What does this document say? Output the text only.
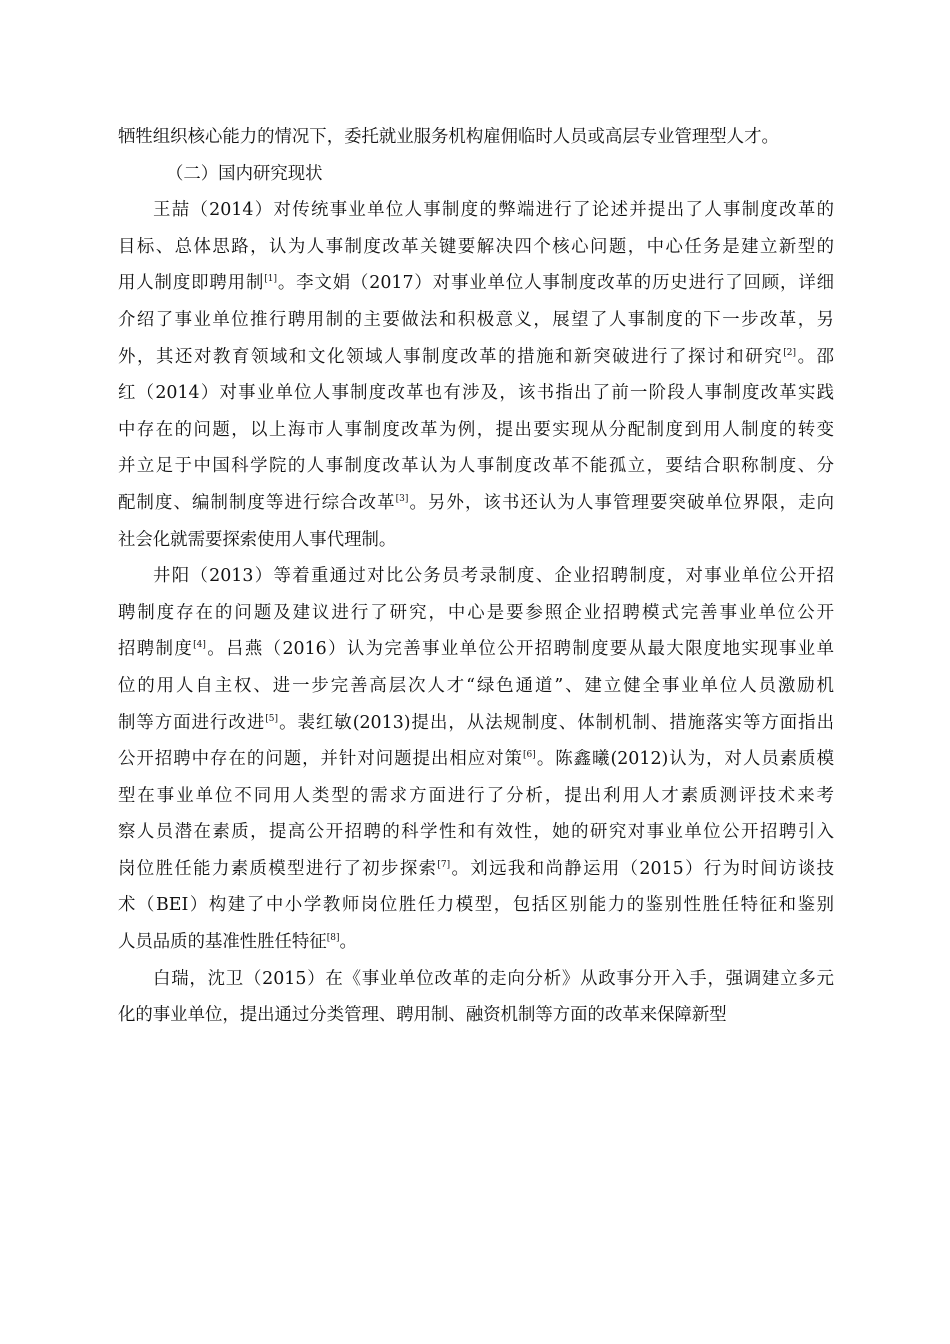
牺牲组织核心能力的情况下，委托就业服务机构雇佣临时人员或高层专业管理型人才。
（二）国内研究现状
王喆（2014）对传统事业单位人事制度的弊端进行了论述并提出了人事制度改革的
目标、总体思路，认为人事制度改革关键要解决四个核心问题，中心任务是建立新型的
用人制度即聘用制[1]。李文娟（2017）对事业单位人事制度改革的历史进行了回顾，详细
介绍了事业单位推行聘用制的主要做法和积极意义，展望了人事制度的下一步改革，另
外，其还对教育领域和文化领域人事制度改革的措施和新突破进行了探讨和研究[2]。邵
红（2014）对事业单位人事制度改革也有涉及，该书指出了前一阶段人事制度改革实践
中存在的问题，以上海市人事制度改革为例，提出要实现从分配制度到用人制度的转变
并立足于中国科学院的人事制度改革认为人事制度改革不能孤立，要结合职称制度、分
配制度、编制制度等进行综合改革[3]。另外，该书还认为人事管理要突破单位界限，走向
社会化就需要探索使用人事代理制。
井阳（2013）等着重通过对比公务员考录制度、企业招聘制度，对事业单位公开招
聘制度存在的问题及建议进行了研究，中心是要参照企业招聘模式完善事业单位公开
招聘制度[4]。吕燕（2016）认为完善事业单位公开招聘制度要从最大限度地实现事业单
位的用人自主权、进一步完善高层次人才“绿色通道”、建立健全事业单位人员激励机
制等方面进行改进[5]。裴红敏(2013)提出，从法规制度、体制机制、措施落实等方面指出
公开招聘中存在的问题，并针对问题提出相应对策[6]。陈鑫曦(2012)认为，对人员素质模
型在事业单位不同用人类型的需求方面进行了分析，提出利用人才素质测评技术来考
察人员潜在素质，提高公开招聘的科学性和有效性，她的研究对事业单位公开招聘引入
岗位胜任能力素质模型进行了初步探索[7]。刘远我和尚静运用（2015）行为时间访谈技
术（BEI）构建了中小学教师岗位胜任力模型，包括区别能力的鉴别性胜任特征和鉴别
人员品质的基准性胜任特征[8]。
白瑞，沈卫（2015）在《事业单位改革的走向分析》从政事分开入手，强调建立多元
化的事业单位，提出通过分类管理、聘用制、融资机制等方面的改革来保障新型
